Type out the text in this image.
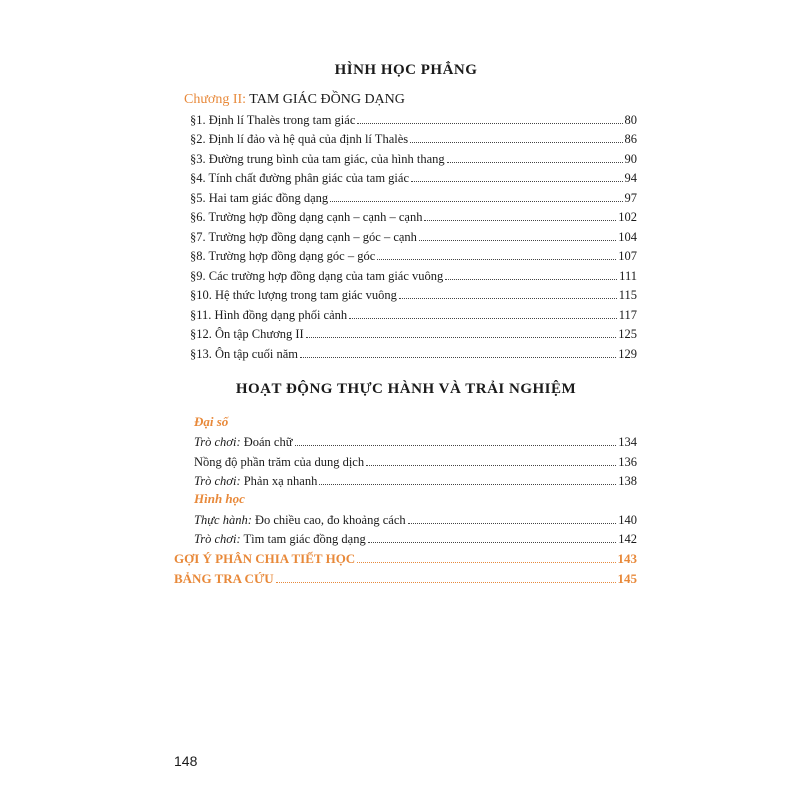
HÌNH HỌC PHẲNG
Chương II: TAM GIÁC ĐỒNG DẠNG
§1. Định lí Thalès trong tam giác	80
§2. Định lí đảo và hệ quả của định lí Thalès	86
§3. Đường trung bình của tam giác, của hình thang	90
§4. Tính chất đường phân giác của tam giác	94
§5. Hai tam giác đồng dạng	97
§6. Trường hợp đồng dạng cạnh – cạnh – cạnh	102
§7. Trường hợp đồng dạng cạnh – góc – cạnh	104
§8. Trường hợp đồng dạng góc – góc	107
§9. Các trường hợp đồng dạng của tam giác vuông	111
§10. Hệ thức lượng trong tam giác vuông	115
§11. Hình đồng dạng phối cảnh	117
§12. Ôn tập Chương II	125
§13. Ôn tập cuối năm	129
HOẠT ĐỘNG THỰC HÀNH VÀ TRẢI NGHIỆM
Đại số
Trò chơi: Đoán chữ	134
Nồng độ phần trăm của dung dịch	136
Trò chơi: Phản xạ nhanh	138
Hình học
Thực hành: Đo chiều cao, đo khoảng cách	140
Trò chơi: Tìm tam giác đồng dạng	142
GỢI Ý PHÂN CHIA TIẾT HỌC	143
BẢNG TRA CỨU	145
148
